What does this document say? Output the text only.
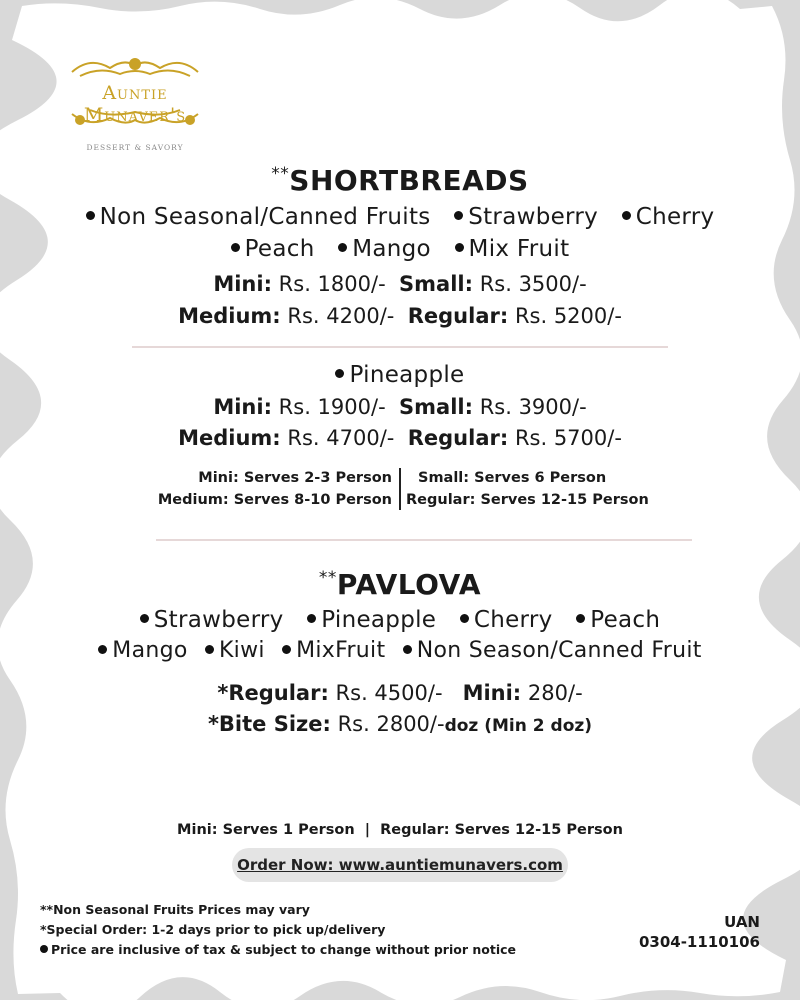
Auntie Munaver's
DESSERT & SAVORY
**SHORTBREADS
Non Seasonal/Canned Fruits Strawberry Cherry
Peach Mango Mix Fruit
Mini: Rs. 1800/- Small: Rs. 3500/-
Medium: Rs. 4200/- Regular: Rs. 5200/-
Pineapple
Mini: Rs. 1900/- Small: Rs. 3900/-
Medium: Rs. 4700/- Regular: Rs. 5700/-
Mini: Serves 2-3 Person
Medium: Serves 8-10 Person
Small: Serves 6 Person
Regular: Serves 12-15 Person
**PAVLOVA
Strawberry Pineapple Cherry Peach
Mango Kiwi MixFruit Non Season/Canned Fruit
*Regular: Rs. 4500/- Mini: 280/-
*Bite Size: Rs. 2800/-doz (Min 2 doz)
Mini: Serves 1 Person  |  Regular: Serves 12-15 Person
Order Now: www.auntiemunavers.com
**Non Seasonal Fruits Prices may vary
*Special Order: 1-2 days prior to pick up/delivery
Price are inclusive of tax & subject to change without prior notice
UAN
0304-1110106
